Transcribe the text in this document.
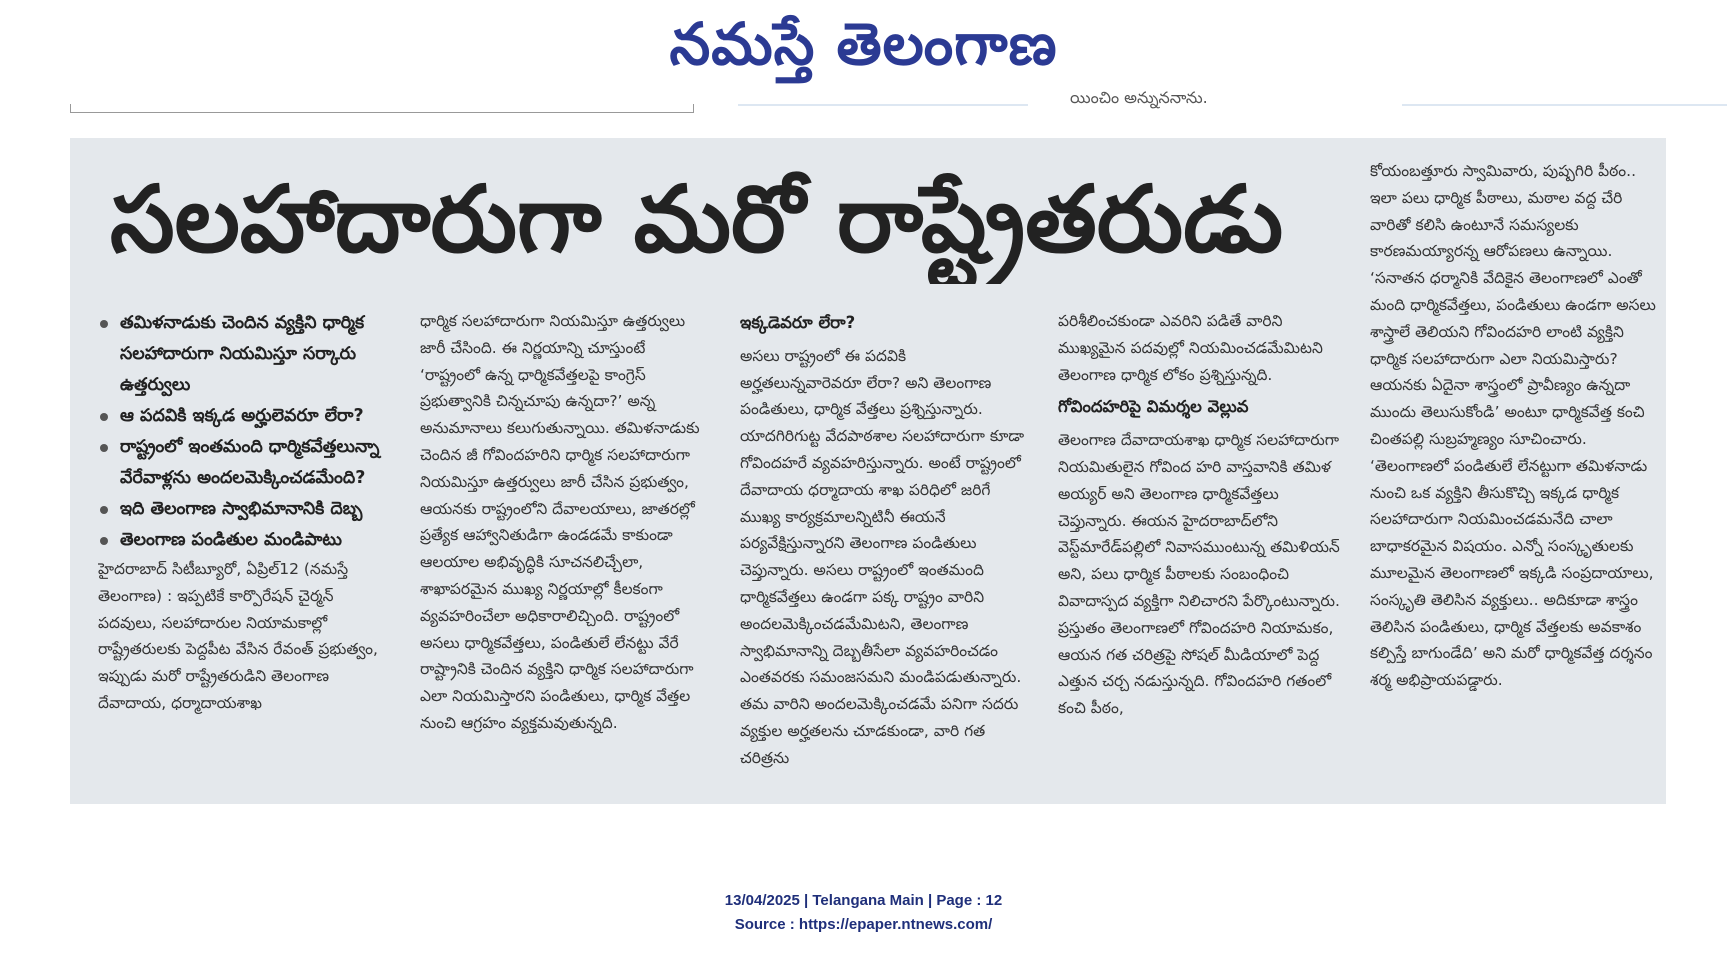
నమస్తే తెలంగాణ
యించిం అన్నుననాను.
సలహాదారుగా మరో రాష్ట్రేతరుడు
తమిళనాడుకు చెందిన వ్యక్తిని ధార్మిక సలహాదారుగా నియమిస్తూ సర్కారు ఉత్తర్వులు
ఆ పదవికి ఇక్కడ అర్హులెవరూ లేరా?
రాష్ట్రంలో ఇంతమంది ధార్మికవేత్తలున్నా వేరేవాళ్లను అందలమెక్కించడమేంది?
ఇది తెలంగాణ స్వాభిమానానికి దెబ్బ
తెలంగాణ పండితుల మండిపాటు

హైదరాబాద్ సిటీబ్యూరో, ఏప్రిల్12 (నమస్తే తెలంగాణ) : ఇప్పటికే కార్పొరేషన్ చైర్మన్ పదవులు, సలహాదారుల నియామకాల్లో రాష్ట్రేతరులకు పెద్దపీట వేసిన రేవంత్ ప్రభుత్వం, ఇప్పుడు మరో రాష్ట్రేతరుడిని తెలంగాణ దేవాదాయ, ధర్మాదాయశాఖ

ధార్మిక సలహాదారుగా నియమిస్తూ ఉత్తర్వులు జారీ చేసింది. ఈ నిర్ణయాన్ని చూస్తుంటే ‘రాష్ట్రంలో ఉన్న ధార్మికవేత్తలపై కాంగ్రెస్ ప్రభుత్వానికి చిన్నచూపు ఉన్నదా?’ అన్న అనుమానాలు కలుగుతున్నాయి. తమిళనాడుకు చెందిన జీ గోవిందహరిని ధార్మిక సలహాదారుగా నియమిస్తూ ఉత్తర్వులు జారీ చేసిన ప్రభుత్వం, ఆయనకు రాష్ట్రంలోని దేవాలయాలు, జాతరల్లో ప్రత్యేక ఆహ్వానితుడిగా ఉండడమే కాకుండా ఆలయాల అభివృద్ధికి సూచనలిచ్చేలా, శాఖాపరమైన ముఖ్య నిర్ణయాల్లో కీలకంగా వ్యవహరించేలా అధికారాలిచ్చింది. రాష్ట్రంలో అసలు ధార్మికవేత్తలు, పండితులే లేనట్టు వేరే రాష్ట్రానికి చెందిన వ్యక్తిని ధార్మిక సలహాదారుగా ఎలా నియమిస్తారని పండితులు, ధార్మిక వేత్తల నుంచి ఆగ్రహం వ్యక్తమవుతున్నది.

ఇక్కడెవరూ లేరా?

అసలు రాష్ట్రంలో ఈ పదవికి అర్హతలున్నవారెవరూ లేరా? అని తెలంగాణ పండితులు, ధార్మిక వేత్తలు ప్రశ్నిస్తున్నారు. యాదగిరిగుట్ట వేదపాఠశాల సలహాదారుగా కూడా గోవిందహరే వ్యవహరిస్తున్నారు. అంటే రాష్ట్రంలో దేవాదాయ ధర్మాదాయ శాఖ పరిధిలో జరిగే ముఖ్య కార్యక్రమాలన్నిటినీ ఈయనే పర్యవేక్షిస్తున్నారని తెలంగాణ పండితులు చెప్తున్నారు. అసలు రాష్ట్రంలో ఇంతమంది ధార్మికవేత్తలు ఉండగా పక్క రాష్ట్రం వారిని అందలమెక్కించడమేమిటని, తెలంగాణ స్వాభిమానాన్ని దెబ్బతీసేలా వ్యవహరించడం ఎంతవరకు సమంజసమని మండిపడుతున్నారు. తమ వారిని అందలమెక్కించడమే పనిగా సదరు వ్యక్తుల అర్హతలను చూడకుండా, వారి గత చరిత్రను

పరిశీలించకుండా ఎవరిని పడితే వారిని ముఖ్యమైన పదవుల్లో నియమించడమేమిటని తెలంగాణ ధార్మిక లోకం ప్రశ్నిస్తున్నది.

గోవిందహరిపై విమర్శల వెల్లువ

తెలంగాణ దేవాదాయశాఖ ధార్మిక సలహాదారుగా నియమితులైన గోవింద హరి వాస్తవానికి తమిళ అయ్యర్ అని తెలంగాణ ధార్మికవేత్తలు చెప్తున్నారు. ఈయన హైదరాబాద్‌లోని వెస్ట్‌మారేడ్‌పల్లిలో నివాసముంటున్న తమిళియన్ అని, పలు ధార్మిక పీఠాలకు సంబంధించి వివాదాస్పద వ్యక్తిగా నిలిచారని పేర్కొంటున్నారు. ప్రస్తుతం తెలంగాణలో గోవిందహరి నియామకం, ఆయన గత చరిత్రపై సోషల్ మీడియాలో పెద్ద ఎత్తున చర్చ నడుస్తున్నది. గోవిందహరి గతంలో కంచి పీఠం,

కోయంబత్తూరు స్వామివారు, పుష్పగిరి పీఠం.. ఇలా పలు ధార్మిక పీఠాలు, మఠాల వద్ద చేరి వారితో కలిసి ఉంటూనే సమస్యలకు కారణమయ్యారన్న ఆరోపణలు ఉన్నాయి. ‘సనాతన ధర్మానికి వేదికైన తెలంగాణలో ఎంతో మంది ధార్మికవేత్తలు, పండితులు ఉండగా అసలు శాస్త్రాలే తెలియని గోవిందహరి లాంటి వ్యక్తిని ధార్మిక సలహాదారుగా ఎలా నియమిస్తారు? ఆయనకు ఏదైనా శాస్త్రంలో ప్రావీణ్యం ఉన్నదా ముందు తెలుసుకోండి’ అంటూ ధార్మికవేత్త కంచి చింతపల్లి సుబ్రహ్మణ్యం సూచించారు. ‘తెలంగాణలో పండితులే లేనట్టుగా తమిళనాడు నుంచి ఒక వ్యక్తిని తీసుకొచ్చి ఇక్కడ ధార్మిక సలహాదారుగా నియమించడమనేది చాలా బాధాకరమైన విషయం. ఎన్నో సంస్కృతులకు మూలమైన తెలంగాణలో ఇక్కడి సంప్రదాయాలు, సంస్కృతి తెలిసిన వ్యక్తులు.. అదికూడా శాస్త్రం తెలిసిన పండితులు, ధార్మిక వేత్తలకు అవకాశం కల్పిస్తే బాగుండేది’ అని మరో ధార్మికవేత్త దర్శనం శర్మ అభిప్రాయపడ్డారు.

13/04/2025 | Telangana Main | Page : 12
Source : https://epaper.ntnews.com/
